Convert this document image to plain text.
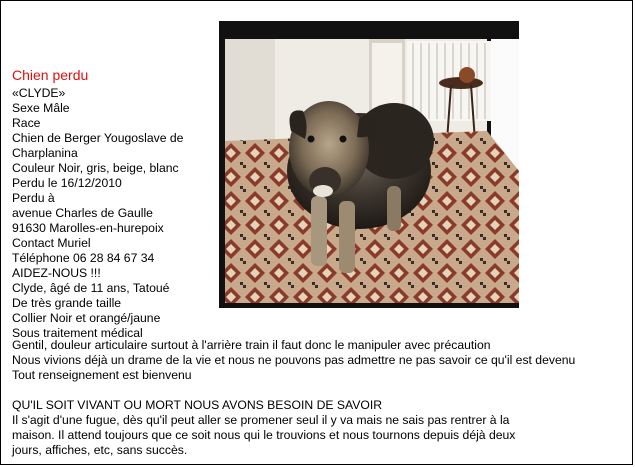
Chien perdu
«CLYDE»
Sexe Mâle
Race
Chien de Berger Yougoslave de
Charplanina
Couleur Noir, gris, beige, blanc
Perdu le 16/12/2010
Perdu à
avenue Charles de Gaulle
91630 Marolles-en-hurepoix
Contact Muriel
Téléphone 06 28 84 67 34
AIDEZ-NOUS !!!
Clyde, âgé de 11 ans, Tatoué
De très grande taille
Collier Noir et orangé/jaune
Sous traitement médical
Gentil, douleur articulaire surtout à l'arrière train il faut donc le manipuler avec précaution
Nous vivions déjà un drame de la vie et nous ne pouvons pas admettre ne pas savoir ce qu'il est devenu
Tout renseignement est bienvenu
QU'IL SOIT VIVANT OU MORT NOUS AVONS BESOIN DE SAVOIR
Il s'agit d'une fugue, dès qu'il peut aller se promener seul il y va mais ne sais pas rentrer à la
maison. Il attend toujours que ce soit nous qui le trouvions et nous tournons depuis déjà deux
jours, affiches, etc, sans succès.
